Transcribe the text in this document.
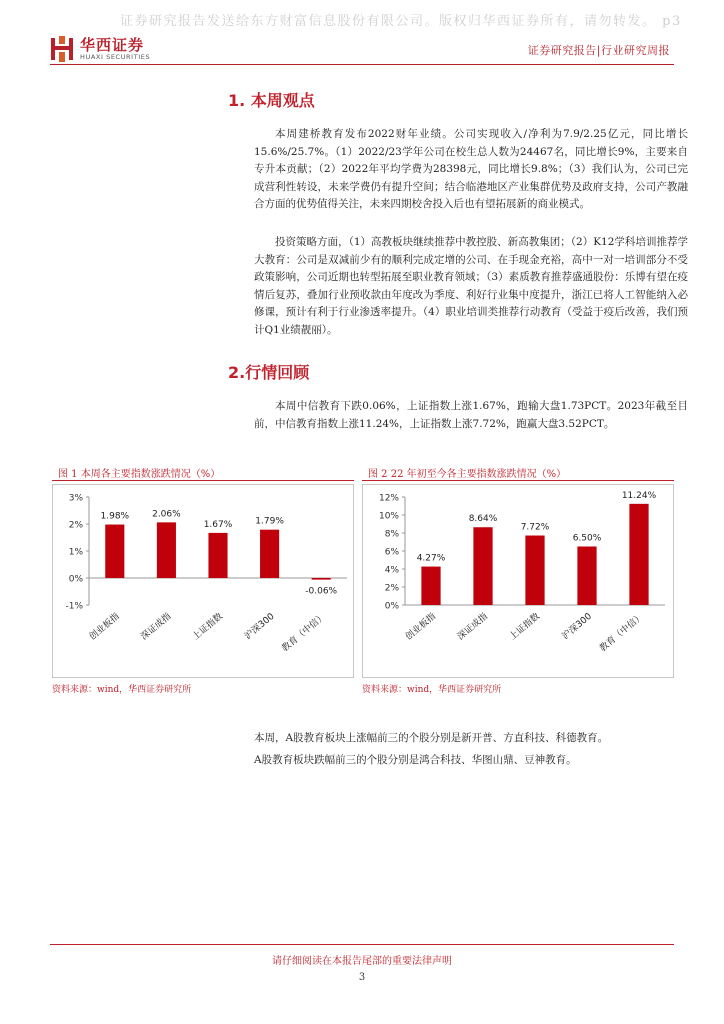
证券研究报告发送给东方财富信息股份有限公司。版权归华西证券所有，请勿转发。 p3
华西证券
HUAXI SECURITIES	证券研究报告|行业研究周报
1. 本周观点
本周建桥教育发布2022财年业绩。公司实现收入/净利为7.9/2.25亿元，同比增长15.6%/25.7%。（1）2022/23学年公司在校生总人数为24467名，同比增长9%，主要来自专升本贡献；（2）2022年平均学费为28398元，同比增长9.8%；（3）我们认为，公司已完成营利性转设，未来学费仍有提升空间；结合临港地区产业集群优势及政府支持，公司产教融合方面的优势值得关注，未来四期校舍投入后也有望拓展新的商业模式。
投资策略方面，（1）高教板块继续推荐中教控股、新高教集团；（2）K12学科培训推荐学大教育：公司是双减前少有的顺利完成定增的公司、在手现金充裕，高中一对一培训部分不受政策影响，公司近期也转型拓展至职业教育领域；（3）素质教育推荐盛通股份：乐博有望在疫情后复苏，叠加行业预收款由年度改为季度、利好行业集中度提升，浙江已将人工智能纳入必修课，预计有利于行业渗透率提升。（4）职业培训类推荐行动教育（受益于疫后改善，我们预计Q1业绩靓丽）。
2.行情回顾
本周中信教育下跌0.06%，上证指数上涨1.67%，跑输大盘1.73PCT。2023年截至目前，中信教育指数上涨11.24%，上证指数上涨7.72%，跑赢大盘3.52PCT。
图 1 本周各主要指数涨跌情况（%）
-1%
0%
1%
2%
3%
1.98%
创业板指
2.06%
深证成指
1.67%
上证指数
1.79%
沪深300
-0.06%
教育（中信）
资料来源：wind，华西证券研究所
图 2 22 年初至今各主要指数涨跌情况（%）
0%
2%
4%
6%
8%
10%
12%
4.27%
创业板指
8.64%
深证成指
7.72%
上证指数
6.50%
沪深300
11.24%
教育（中信）
资料来源：wind，华西证券研究所
本周，A股教育板块上涨幅前三的个股分别是新开普、方直科技、科德教育。
A股教育板块跌幅前三的个股分别是鸿合科技、华图山鼎、豆神教育。
请仔细阅读在本报告尾部的重要法律声明
3
